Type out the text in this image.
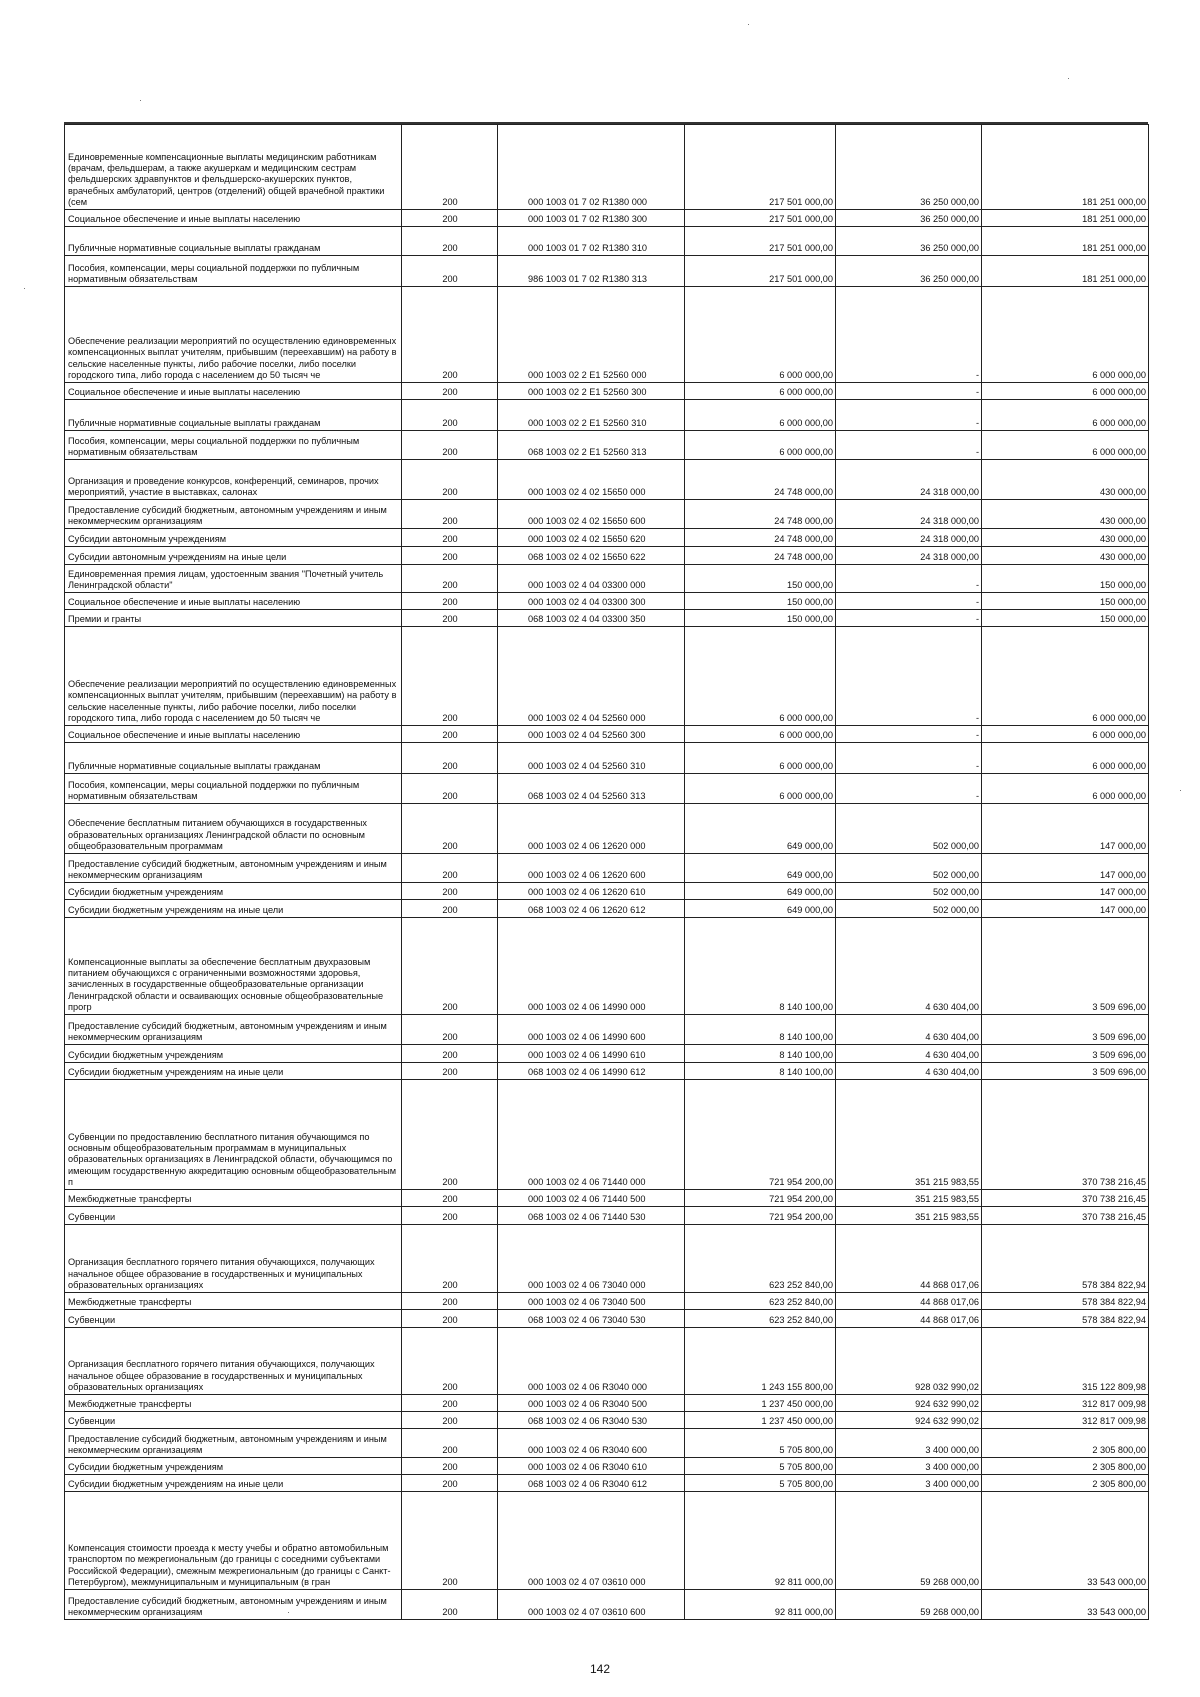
Единовременные компенсационные выплаты медицинским работникам (врачам, фельдшерам, а также акушеркам и медицинским сестрам фельдшерских здравпунктов и фельдшерско-акушерских пунктов, врачебных амбулаторий, центров (отделений) общей врачебной практики (сем	200	000 1003 01 7 02 R1380 000	217 501 000,00	36 250 000,00	181 251 000,00
Социальное обеспечение и иные выплаты населению	200	000 1003 01 7 02 R1380 300	217 501 000,00	36 250 000,00	181 251 000,00
Публичные нормативные социальные выплаты гражданам	200	000 1003 01 7 02 R1380 310	217 501 000,00	36 250 000,00	181 251 000,00
Пособия, компенсации, меры социальной поддержки по публичным нормативным обязательствам	200	986 1003 01 7 02 R1380 313	217 501 000,00	36 250 000,00	181 251 000,00
Обеспечение реализации мероприятий по осуществлению единовременных компенсационных выплат учителям, прибывшим (переехавшим) на работу в сельские населенные пункты, либо рабочие поселки, либо поселки городского типа, либо города с населением до 50 тысяч че	200	000 1003 02 2 E1 52560 000	6 000 000,00	-	6 000 000,00
Социальное обеспечение и иные выплаты населению	200	000 1003 02 2 E1 52560 300	6 000 000,00	-	6 000 000,00
Публичные нормативные социальные выплаты гражданам	200	000 1003 02 2 E1 52560 310	6 000 000,00	-	6 000 000,00
Пособия, компенсации, меры социальной поддержки по публичным нормативным обязательствам	200	068 1003 02 2 E1 52560 313	6 000 000,00	-	6 000 000,00
Организация и проведение конкурсов, конференций, семинаров, прочих мероприятий, участие в выставках, салонах	200	000 1003 02 4 02 15650 000	24 748 000,00	24 318 000,00	430 000,00
Предоставление субсидий бюджетным, автономным учреждениям и иным некоммерческим организациям	200	000 1003 02 4 02 15650 600	24 748 000,00	24 318 000,00	430 000,00
Субсидии автономным учреждениям	200	000 1003 02 4 02 15650 620	24 748 000,00	24 318 000,00	430 000,00
Субсидии автономным учреждениям на иные цели	200	068 1003 02 4 02 15650 622	24 748 000,00	24 318 000,00	430 000,00
Единовременная премия лицам, удостоенным звания "Почетный учитель Ленинградской области"	200	000 1003 02 4 04 03300 000	150 000,00	-	150 000,00
Социальное обеспечение и иные выплаты населению	200	000 1003 02 4 04 03300 300	150 000,00	-	150 000,00
Премии и гранты	200	068 1003 02 4 04 03300 350	150 000,00	-	150 000,00
Обеспечение реализации мероприятий по осуществлению единовременных компенсационных выплат учителям, прибывшим (переехавшим) на работу в сельские населенные пункты, либо рабочие поселки, либо поселки городского типа, либо города с населением до 50 тысяч че	200	000 1003 02 4 04 52560 000	6 000 000,00	-	6 000 000,00
Социальное обеспечение и иные выплаты населению	200	000 1003 02 4 04 52560 300	6 000 000,00	-	6 000 000,00
Публичные нормативные социальные выплаты гражданам	200	000 1003 02 4 04 52560 310	6 000 000,00	-	6 000 000,00
Пособия, компенсации, меры социальной поддержки по публичным нормативным обязательствам	200	068 1003 02 4 04 52560 313	6 000 000,00	-	6 000 000,00
Обеспечение бесплатным питанием обучающихся в государственных образовательных организациях Ленинградской области по основным общеобразовательным программам	200	000 1003 02 4 06 12620 000	649 000,00	502 000,00	147 000,00
Предоставление субсидий бюджетным, автономным учреждениям и иным некоммерческим организациям	200	000 1003 02 4 06 12620 600	649 000,00	502 000,00	147 000,00
Субсидии бюджетным учреждениям	200	000 1003 02 4 06 12620 610	649 000,00	502 000,00	147 000,00
Субсидии бюджетным учреждениям на иные цели	200	068 1003 02 4 06 12620 612	649 000,00	502 000,00	147 000,00
Компенсационные выплаты за обеспечение бесплатным двухразовым питанием обучающихся с ограниченными возможностями здоровья, зачисленных в государственные общеобразовательные организации Ленинградской области и осваивающих основные общеобразовательные прогр	200	000 1003 02 4 06 14990 000	8 140 100,00	4 630 404,00	3 509 696,00
Предоставление субсидий бюджетным, автономным учреждениям и иным некоммерческим организациям	200	000 1003 02 4 06 14990 600	8 140 100,00	4 630 404,00	3 509 696,00
Субсидии бюджетным учреждениям	200	000 1003 02 4 06 14990 610	8 140 100,00	4 630 404,00	3 509 696,00
Субсидии бюджетным учреждениям на иные цели	200	068 1003 02 4 06 14990 612	8 140 100,00	4 630 404,00	3 509 696,00
Субвенции по предоставлению бесплатного питания обучающимся по основным общеобразовательным программам в муниципальных образовательных организациях в Ленинградской области, обучающимся по имеющим государственную аккредитацию основным общеобразовательным п	200	000 1003 02 4 06 71440 000	721 954 200,00	351 215 983,55	370 738 216,45
Межбюджетные трансферты	200	000 1003 02 4 06 71440 500	721 954 200,00	351 215 983,55	370 738 216,45
Субвенции	200	068 1003 02 4 06 71440 530	721 954 200,00	351 215 983,55	370 738 216,45
Организация бесплатного горячего питания обучающихся, получающих начальное общее образование в государственных и муниципальных образовательных организациях	200	000 1003 02 4 06 73040 000	623 252 840,00	44 868 017,06	578 384 822,94
Межбюджетные трансферты	200	000 1003 02 4 06 73040 500	623 252 840,00	44 868 017,06	578 384 822,94
Субвенции	200	068 1003 02 4 06 73040 530	623 252 840,00	44 868 017,06	578 384 822,94
Организация бесплатного горячего питания обучающихся, получающих начальное общее образование в государственных и муниципальных образовательных организациях	200	000 1003 02 4 06 R3040 000	1 243 155 800,00	928 032 990,02	315 122 809,98
Межбюджетные трансферты	200	000 1003 02 4 06 R3040 500	1 237 450 000,00	924 632 990,02	312 817 009,98
Субвенции	200	068 1003 02 4 06 R3040 530	1 237 450 000,00	924 632 990,02	312 817 009,98
Предоставление субсидий бюджетным, автономным учреждениям и иным некоммерческим организациям	200	000 1003 02 4 06 R3040 600	5 705 800,00	3 400 000,00	2 305 800,00
Субсидии бюджетным учреждениям	200	000 1003 02 4 06 R3040 610	5 705 800,00	3 400 000,00	2 305 800,00
Субсидии бюджетным учреждениям на иные цели	200	068 1003 02 4 06 R3040 612	5 705 800,00	3 400 000,00	2 305 800,00
Компенсация стоимости проезда к месту учебы и обратно автомобильным транспортом по межрегиональным (до границы с соседними субъектами Российской Федерации), смежным межрегиональным (до границы с Санкт-Петербургом), межмуниципальным и муниципальным (в гран	200	000 1003 02 4 07 03610 000	92 811 000,00	59 268 000,00	33 543 000,00
Предоставление субсидий бюджетным, автономным учреждениям и иным некоммерческим организациям	200	000 1003 02 4 07 03610 600	92 811 000,00	59 268 000,00	33 543 000,00
142
